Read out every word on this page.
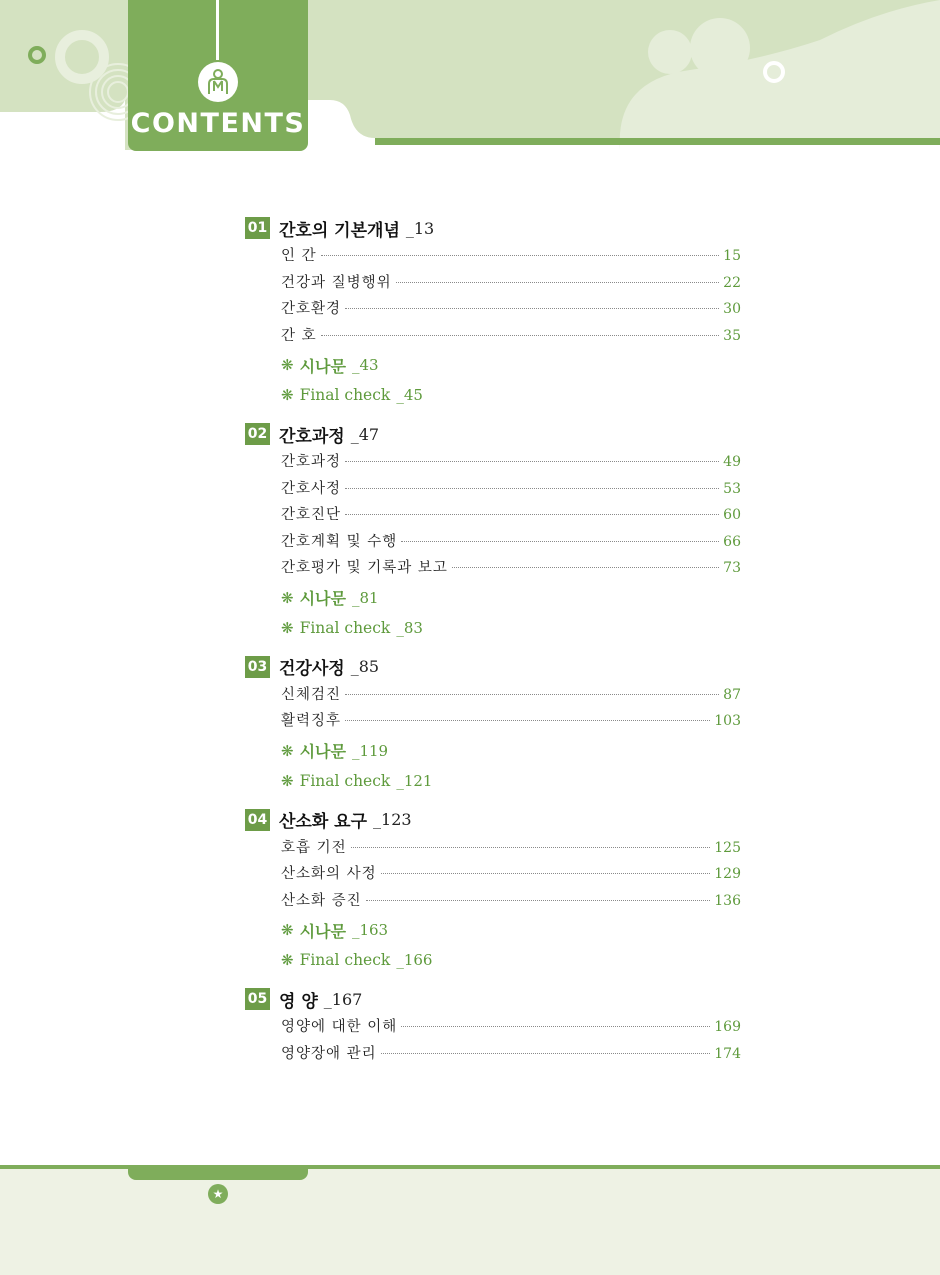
CONTENTS
01 간호의 기본개념 _13
인 간	15
건강과 질병행위	22
간호환경	30
간 호	35
❋ 시나문 _43
❋ Final check _45
02 간호과정 _47
간호과정	49
간호사정	53
간호진단	60
간호계획 및 수행	66
간호평가 및 기록과 보고	73
❋ 시나문 _81
❋ Final check _83
03 건강사정 _85
신체검진	87
활력징후	103
❋ 시나문 _119
❋ Final check _121
04 산소화 요구 _123
호흡 기전	125
산소화의 사정	129
산소화 증진	136
❋ 시나문 _163
❋ Final check _166
05 영 양 _167
영양에 대한 이해	169
영양장애 관리	174
★
